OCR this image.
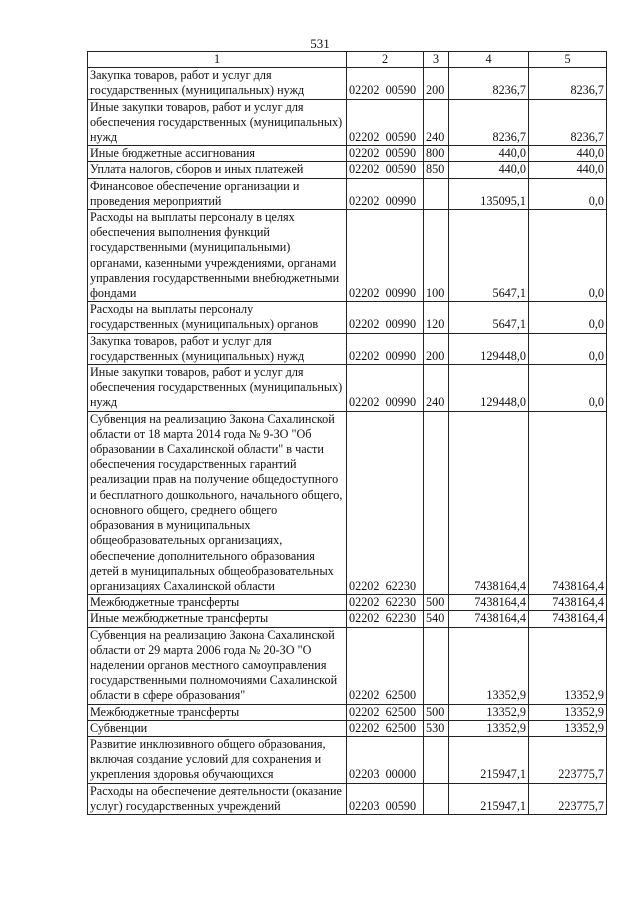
531
1	2	3	4	5
Закупка товаров, работ и услуг для государственных (муниципальных) нужд	02202  00590	200	8236,7	8236,7
Иные закупки товаров, работ и услуг для обеспечения государственных (муниципальных) нужд	02202  00590	240	8236,7	8236,7
Иные бюджетные ассигнования	02202  00590	800	440,0	440,0
Уплата налогов, сборов и иных платежей	02202  00590	850	440,0	440,0
Финансовое обеспечение организации и проведения мероприятий	02202  00990		135095,1	0,0
Расходы на выплаты персоналу в целях обеспечения выполнения функций государственными (муниципальными) органами, казенными учреждениями, органами управления государственными внебюджетными фондами	02202  00990	100	5647,1	0,0
Расходы на выплаты персоналу государственных (муниципальных) органов	02202  00990	120	5647,1	0,0
Закупка товаров, работ и услуг для государственных (муниципальных) нужд	02202  00990	200	129448,0	0,0
Иные закупки товаров, работ и услуг для обеспечения государственных (муниципальных) нужд	02202  00990	240	129448,0	0,0
Субвенция на реализацию Закона Сахалинской области от 18 марта 2014 года № 9-ЗО "Об образовании в Сахалинской области" в части обеспечения государственных гарантий реализации прав на получение общедоступного и бесплатного дошкольного, начального общего, основного общего, среднего общего образования в муниципальных общеобразовательных организациях, обеспечение дополнительного образования детей в муниципальных общеобразовательных организациях Сахалинской области	02202  62230		7438164,4	7438164,4
Межбюджетные трансферты	02202  62230	500	7438164,4	7438164,4
Иные межбюджетные трансферты	02202  62230	540	7438164,4	7438164,4
Субвенция на реализацию Закона Сахалинской области от 29 марта 2006 года № 20-ЗО "О наделении органов местного самоуправления государственными полномочиями Сахалинской области в сфере образования"	02202  62500		13352,9	13352,9
Межбюджетные трансферты	02202  62500	500	13352,9	13352,9
Субвенции	02202  62500	530	13352,9	13352,9
Развитие инклюзивного общего образования, включая создание условий для сохранения и укрепления здоровья обучающихся	02203  00000		215947,1	223775,7
Расходы на обеспечение деятельности (оказание услуг) государственных учреждений	02203  00590		215947,1	223775,7
